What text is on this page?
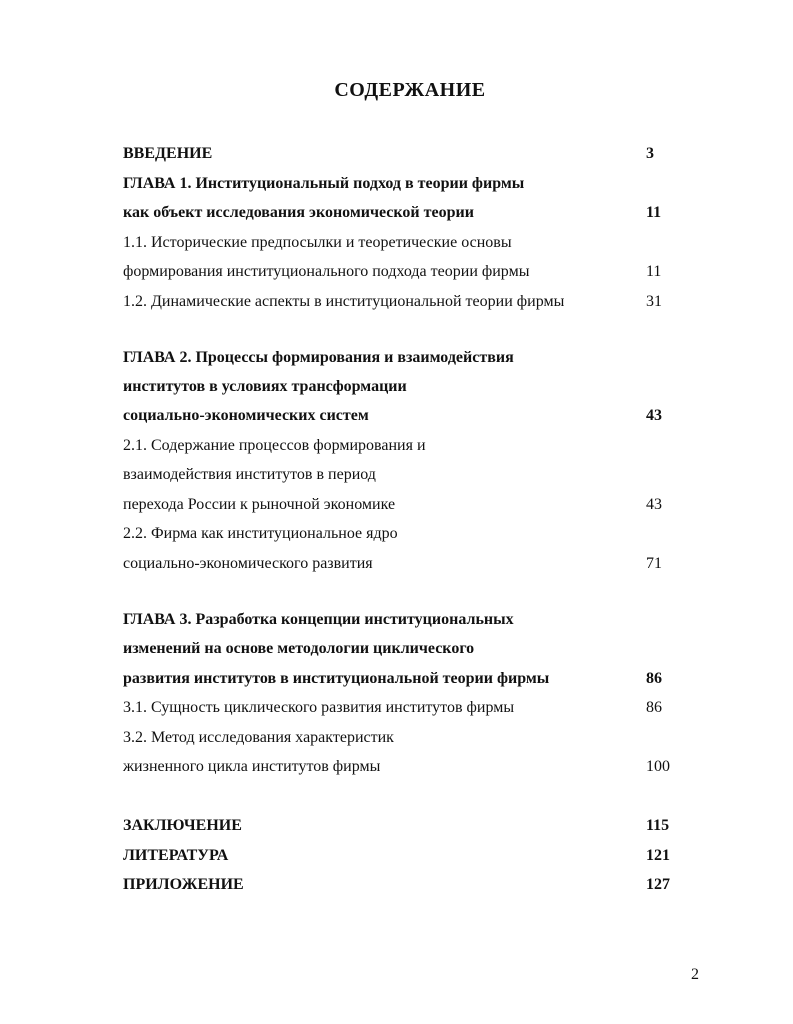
СОДЕРЖАНИЕ
ВВЕДЕНИЕ	3
ГЛАВА 1. Институциональный подход в теории фирмы
как объект исследования экономической теории	11
1.1. Исторические предпосылки и теоретические основы
формирования институционального подхода теории фирмы	11
1.2. Динамические аспекты в институциональной теории фирмы	31
ГЛАВА 2. Процессы формирования и взаимодействия
институтов в условиях трансформации
социально-экономических систем	43
2.1. Содержание процессов формирования и
взаимодействия институтов в период
перехода России к рыночной экономике	43
2.2. Фирма как институциональное ядро
социально-экономического развития	71
ГЛАВА 3. Разработка концепции институциональных
изменений на основе методологии циклического
развития институтов в институциональной теории фирмы	86
3.1. Сущность циклического развития институтов фирмы	86
3.2. Метод исследования характеристик
жизненного цикла институтов фирмы	100
ЗАКЛЮЧЕНИЕ	115
ЛИТЕРАТУРА	121
ПРИЛОЖЕНИЕ	127
2
